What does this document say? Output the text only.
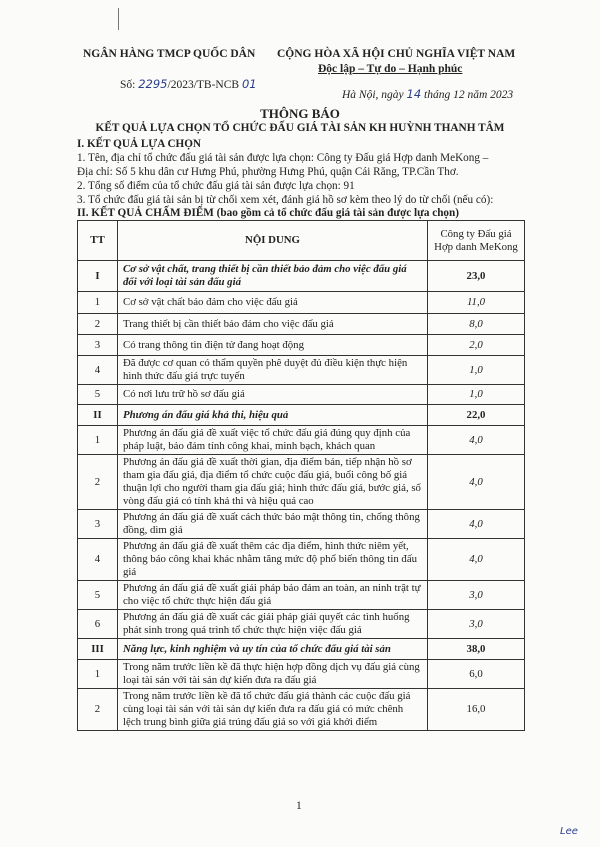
NGÂN HÀNG TMCP QUỐC DÂN CỘNG HÒA XÃ HỘI CHỦ NGHĨA VIỆT NAM
Độc lập – Tự do – Hạnh phúc
Số: 2295/2023/TB-NCB 01
Hà Nội, ngày 14 tháng 12 năm 2023
THÔNG BÁO
KẾT QUẢ LỰA CHỌN TỔ CHỨC ĐẤU GIÁ TÀI SẢN KH HUỲNH THANH TÂM
I. KẾT QUẢ LỰA CHỌN
1. Tên, địa chỉ tổ chức đấu giá tài sản được lựa chọn: Công ty Đấu giá Hợp danh MeKong –
Địa chỉ: Số 5 khu dân cư Hưng Phú, phường Hưng Phú, quận Cái Răng, TP.Cần Thơ.
2. Tổng số điểm của tổ chức đấu giá tài sản được lựa chọn: 91
3. Tổ chức đấu giá tài sản bị từ chối xem xét, đánh giá hồ sơ kèm theo lý do từ chối (nếu có):
II. KẾT QUẢ CHẤM ĐIỂM (bao gồm cả tổ chức đấu giá tài sản được lựa chọn)
TT	NỘI DUNG	Công ty Đấu giá Hợp danh MeKong
I	Cơ sở vật chất, trang thiết bị cần thiết bảo đảm cho việc đấu giá đối với loại tài sản đấu giá	23,0
1	Cơ sở vật chất bảo đảm cho việc đấu giá	11,0
2	Trang thiết bị cần thiết bảo đảm cho việc đấu giá	8,0
3	Có trang thông tin điện tử đang hoạt động	2,0
4	Đã được cơ quan có thẩm quyền phê duyệt đủ điều kiện thực hiện hình thức đấu giá trực tuyến	1,0
5	Có nơi lưu trữ hồ sơ đấu giá	1,0
II	Phương án đấu giá khả thi, hiệu quả	22,0
1	Phương án đấu giá đề xuất việc tổ chức đấu giá đúng quy định của pháp luật, bảo đảm tính công khai, minh bạch, khách quan	4,0
2	Phương án đấu giá đề xuất thời gian, địa điểm bán, tiếp nhận hồ sơ tham gia đấu giá, địa điểm tổ chức cuộc đấu giá, buổi công bố giá thuận lợi cho người tham gia đấu giá; hình thức đấu giá, bước giá, số vòng đấu giá có tính khả thi và hiệu quả cao	4,0
3	Phương án đấu giá đề xuất cách thức bảo mật thông tin, chống thông đồng, dìm giá	4,0
4	Phương án đấu giá đề xuất thêm các địa điểm, hình thức niêm yết, thông báo công khai khác nhằm tăng mức độ phổ biến thông tin đấu giá	4,0
5	Phương án đấu giá đề xuất giải pháp bảo đảm an toàn, an ninh trật tự cho việc tổ chức thực hiện đấu giá	3,0
6	Phương án đấu giá đề xuất các giải pháp giải quyết các tình huống phát sinh trong quá trình tổ chức thực hiện việc đấu giá	3,0
III	Năng lực, kinh nghiệm và uy tín của tổ chức đấu giá tài sản	38,0
1	Trong năm trước liền kề đã thực hiện hợp đồng dịch vụ đấu giá cùng loại tài sản với tài sản dự kiến đưa ra đấu giá	6,0
2	Trong năm trước liền kề đã tổ chức đấu giá thành các cuộc đấu giá cùng loại tài sản với tài sản dự kiến đưa ra đấu giá có mức chênh lệch trung bình giữa giá trúng đấu giá so với giá khởi điểm	16,0
1
Lee
